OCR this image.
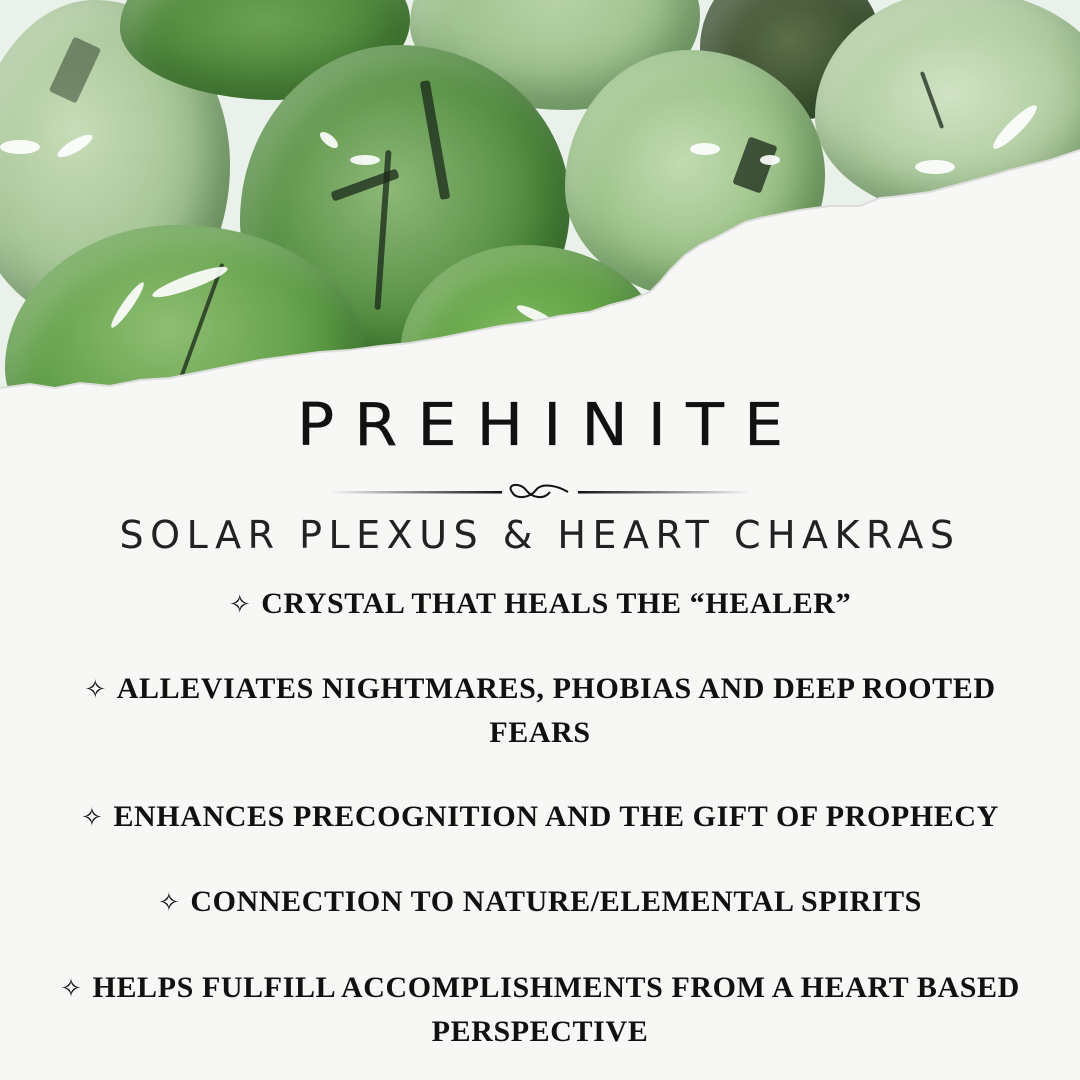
PREHINITE
SOLAR PLEXUS & HEART CHAKRAS
✧ CRYSTAL THAT HEALS THE “HEALER”
✧ ALLEVIATES NIGHTMARES, PHOBIAS AND DEEP ROOTED FEARS
✧ ENHANCES PRECOGNITION AND THE GIFT OF PROPHECY
✧ CONNECTION TO NATURE/ELEMENTAL SPIRITS
✧ HELPS FULFILL ACCOMPLISHMENTS FROM A HEART BASED PERSPECTIVE
